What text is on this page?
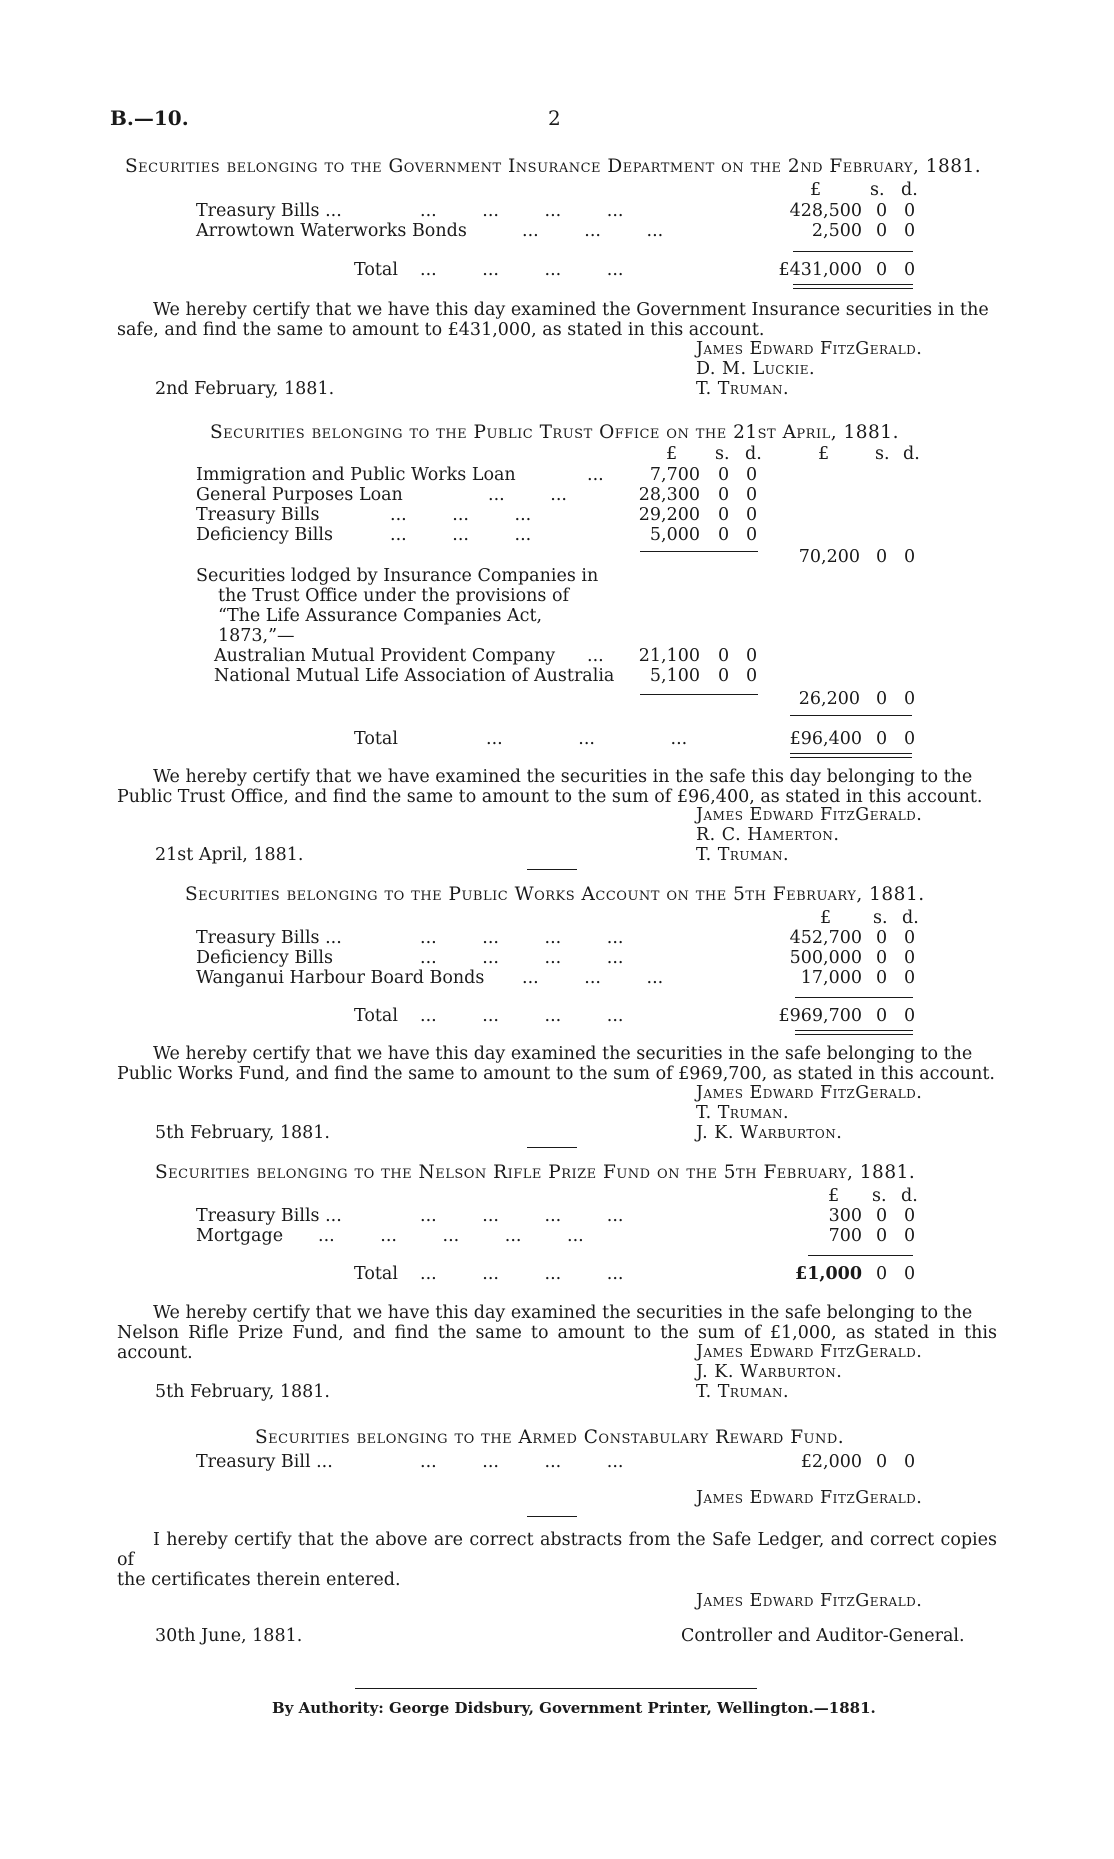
B.—10.	2
Securities belonging to the Government Insurance Department on the 2nd February, 1881.
£	s. d.
Treasury Bills ...	... ... ... ...	428,500 0 0
Arrowtown Waterworks Bonds	... ... ...	2,500 0 0
Total ... ... ... ...	£431,000 0 0
We hereby certify that we have this day examined the Government Insurance securities in the
safe, and find the same to amount to £431,000, as stated in this account.
James Edward FitzGerald.
D. M. Luckie.
2nd February, 1881.	T. Truman.
Securities belonging to the Public Trust Office on the 21st April, 1881.
£ s. d.	£	s. d.
Immigration and Public Works Loan	...	7,700 0 0
General Purposes Loan	... ...	28,300 0 0
Treasury Bills	... ... ...	29,200 0 0
Deficiency Bills	... ... ...	5,000 0 0
70,200 0 0
Securities lodged by Insurance Companies in
the Trust Office under the provisions of
“The Life Assurance Companies Act,
1873,”—
Australian Mutual Provident Company ...	21,100 0 0
National Mutual Life Association of Australia	5,100 0 0
26,200 0 0
Total	... ... ...	£96,400 0 0
We hereby certify that we have examined the securities in the safe this day belonging to the
Public Trust Office, and find the same to amount to the sum of £96,400, as stated in this account.
James Edward FitzGerald.
R. C. Hamerton.
21st April, 1881.	T. Truman.
Securities belonging to the Public Works Account on the 5th February, 1881.
£ s. d.
Treasury Bills ...	... ... ... ...	452,700 0 0
Deficiency Bills	... ... ... ...	500,000 0 0
Wanganui Harbour Board Bonds ... ... ...	17,000 0 0
Total ... ... ... ...	£969,700 0 0
We hereby certify that we have this day examined the securities in the safe belonging to the
Public Works Fund, and find the same to amount to the sum of £969,700, as stated in this account.
James Edward FitzGerald.
T. Truman.
5th February, 1881.	J. K. Warburton.
Securities belonging to the Nelson Rifle Prize Fund on the 5th February, 1881.
£ s. d.
Treasury Bills ...	... ... ... ...	300 0 0
Mortgage ... ... ... ... ...	700 0 0
Total ... ... ... ...	£1,000 0 0
We hereby certify that we have this day examined the securities in the safe belonging to the
Nelson Rifle Prize Fund, and find the same to amount to the sum of £1,000, as stated in this account.	James Edward FitzGerald.
J. K. Warburton.
5th February, 1881.	T. Truman.
Securities belonging to the Armed Constabulary Reward Fund.
Treasury Bill ...	... ... ... ...	£2,000 0 0
James Edward FitzGerald.
I hereby certify that the above are correct abstracts from the Safe Ledger, and correct copies of
the certificates therein entered.
James Edward FitzGerald.
30th June, 1881.	Controller and Auditor-General.
By Authority: George Didsbury, Government Printer, Wellington.—1881.
